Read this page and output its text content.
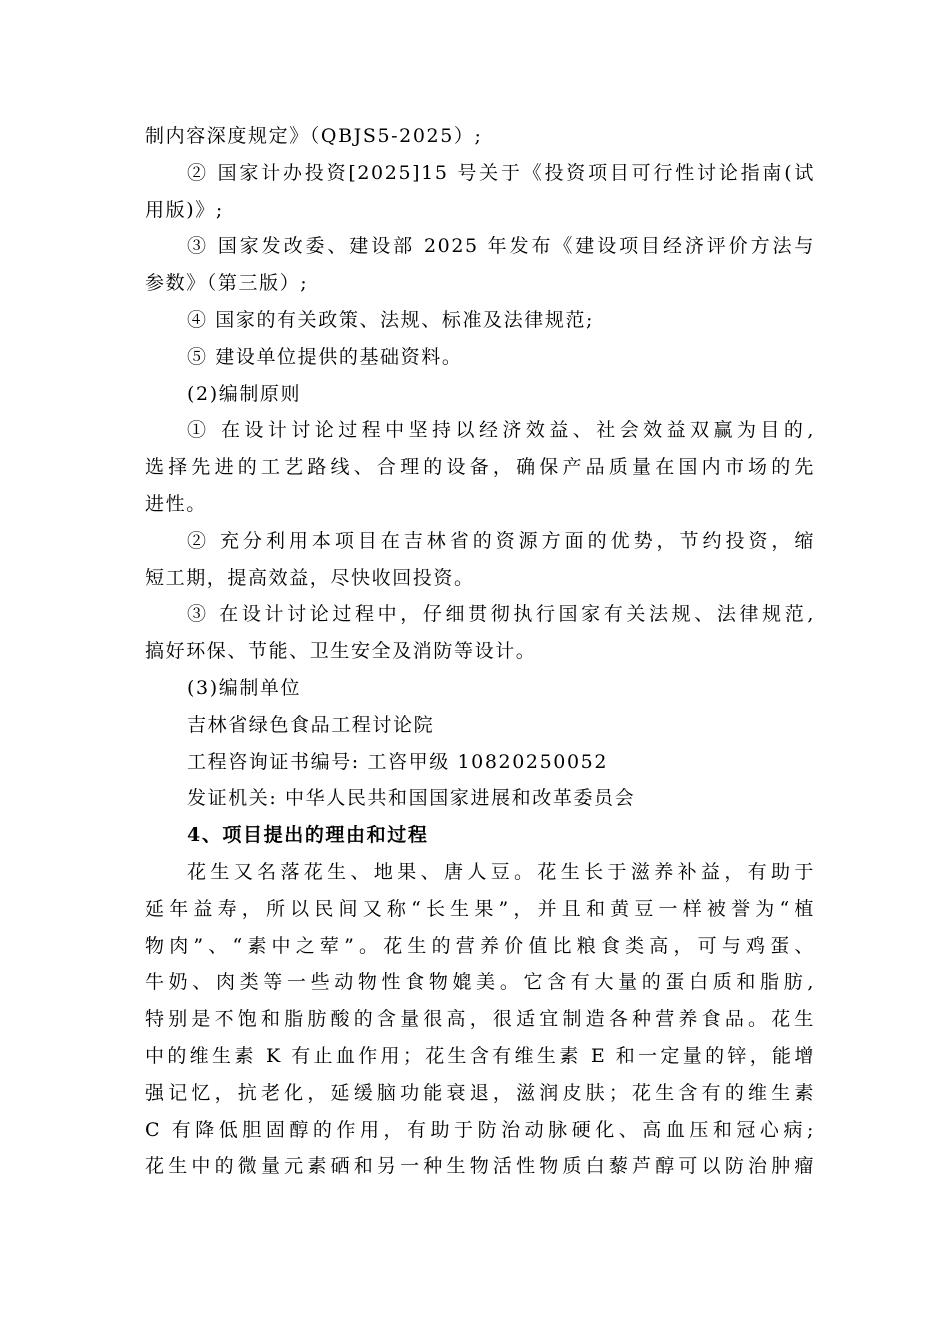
制内容深度规定》（QBJS5-2025）;
② 国家计办投资[2025]15 号关于《投资项目可行性讨论指南(试
用版)》;
③ 国家发改委、建设部 2025 年发布《建设项目经济评价方法与
参数》（第三版）;
④ 国家的有关政策、法规、标准及法律规范;
⑤ 建设单位提供的基础资料。
(2)编制原则
① 在设计讨论过程中坚持以经济效益、社会效益双赢为目的,
选择先进的工艺路线、合理的设备，确保产品质量在国内市场的先
进性。
② 充分利用本项目在吉林省的资源方面的优势，节约投资，缩
短工期，提高效益，尽快收回投资。
③ 在设计讨论过程中，仔细贯彻执行国家有关法规、法律规范,
搞好环保、节能、卫生安全及消防等设计。
(3)编制单位
吉林省绿色食品工程讨论院
工程咨询证书编号: 工咨甲级 10820250052
发证机关: 中华人民共和国国家进展和改革委员会
4、项目提出的理由和过程
花生又名落花生、地果、唐人豆。花生长于滋养补益，有助于
延年益寿，所以民间又称“长生果”，并且和黄豆一样被誉为“植
物肉”、“素中之荤”。花生的营养价值比粮食类高，可与鸡蛋、
牛奶、肉类等一些动物性食物媲美。它含有大量的蛋白质和脂肪,
特别是不饱和脂肪酸的含量很高，很适宜制造各种营养食品。花生
中的维生素 K 有止血作用；花生含有维生素 E 和一定量的锌，能增
强记忆，抗老化，延缓脑功能衰退，滋润皮肤；花生含有的维生素
C 有降低胆固醇的作用，有助于防治动脉硬化、高血压和冠心病;
花生中的微量元素硒和另一种生物活性物质白藜芦醇可以防治肿瘤
